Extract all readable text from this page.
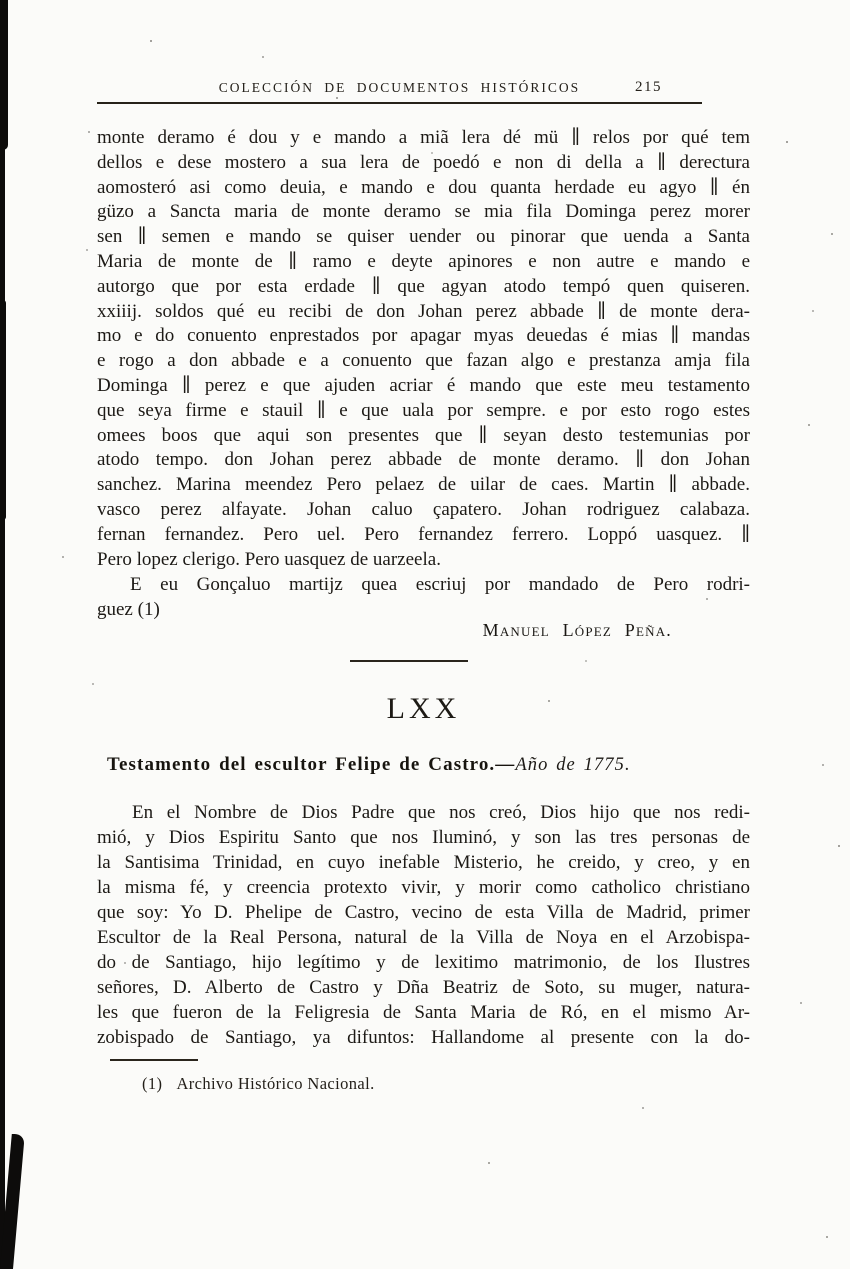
COLECCIÓN DE DOCUMENTOS HISTÓRICOS	215
monte deramo é dou y e mando a miã lera dé mü ∥ relos por qué tem
dellos e dese mostero a sua lera de poedó e non di della a ∥ derectura
aomosteró asi como deuia, e mando e dou quanta herdade eu agyo ∥ én
güzo a Sancta maria de monte deramo se mia fila Dominga perez morer
sen ∥ semen e mando se quiser uender ou pinorar que uenda a Santa
Maria de monte de ∥ ramo e deyte apinores e non autre e mando e
autorgo que por esta erdade ∥ que agyan atodo tempó quen quiseren.
xxiiij. soldos qué eu recibi de don Johan perez abbade ∥ de monte dera-
mo e do conuento enprestados por apagar myas deuedas é mias ∥ mandas
e rogo a don abbade e a conuento que fazan algo e prestanza amja fila
Dominga ∥ perez e que ajuden acriar é mando que este meu testamento
que seya firme e stauil ∥ e que uala por sempre. e por esto rogo estes
omees boos que aqui son presentes que ∥ seyan desto testemunias por
atodo tempo. don Johan perez abbade de monte deramo. ∥ don Johan
sanchez. Marina meendez Pero pelaez de uilar de caes. Martin ∥ abbade.
vasco perez alfayate. Johan caluo çapatero. Johan rodriguez calabaza.
fernan fernandez. Pero uel. Pero fernandez ferrero. Loppó uasquez. ∥
Pero lopez clerigo. Pero uasquez de uarzeela.
E eu Gonçaluo martijz quea escriuj por mandado de Pero rodri-
guez (1)
Manuel López Peña.
LXX
Testamento del escultor Felipe de Castro.—Año de 1775.
En el Nombre de Dios Padre que nos creó, Dios hijo que nos redi-
mió, y Dios Espiritu Santo que nos Iluminó, y son las tres personas de
la Santisima Trinidad, en cuyo inefable Misterio, he creido, y creo, y en
la misma fé, y creencia protexto vivir, y morir como catholico christiano
que soy: Yo D. Phelipe de Castro, vecino de esta Villa de Madrid, primer
Escultor de la Real Persona, natural de la Villa de Noya en el Arzobispa-
do de Santiago, hijo legítimo y de lexitimo matrimonio, de los Ilustres
señores, D. Alberto de Castro y Dña Beatriz de Soto, su muger, natura-
les que fueron de la Feligresia de Santa Maria de Ró, en el mismo Ar-
zobispado de Santiago, ya difuntos: Hallandome al presente con la do-
(1) Archivo Histórico Nacional.
